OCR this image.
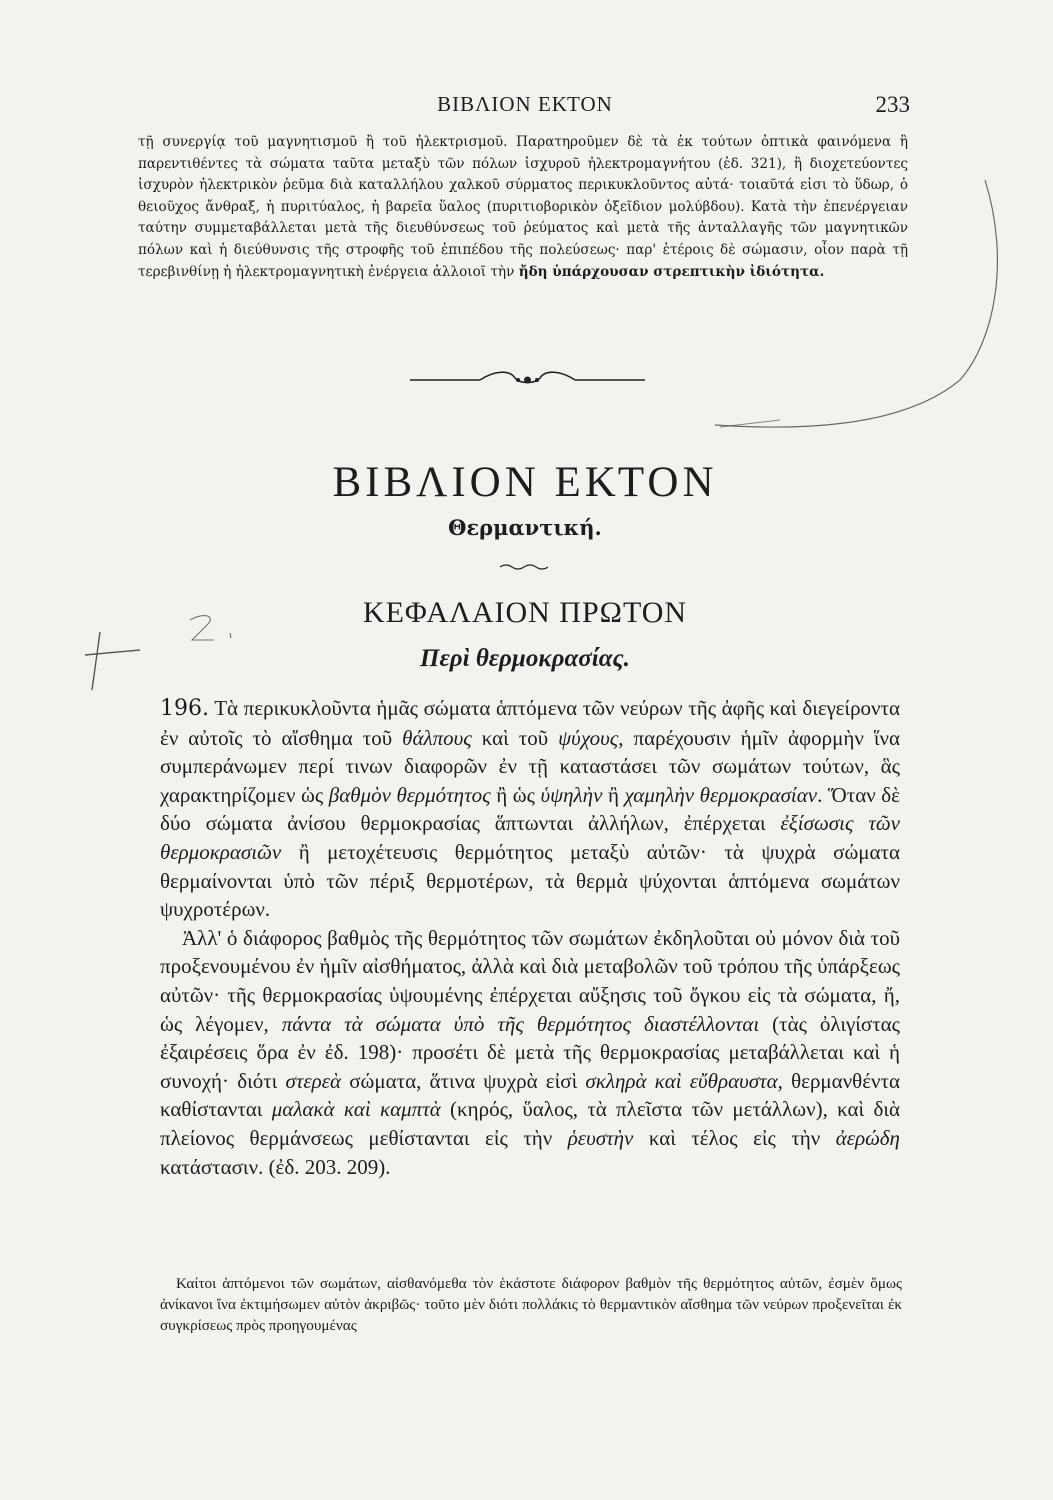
ΒΙΒΛΙΟΝ ΕΚΤΟΝ	233

τῇ συνεργίᾳ τοῦ μαγνητισμοῦ ἢ τοῦ ἠλεκτρισμοῦ. Παρατηροῦμεν δὲ τὰ ἐκ τούτων ὀπτικὰ φαινόμενα ἢ παρεντιθέντες τὰ σώματα ταῦτα μεταξὺ τῶν πόλων ἰσχυροῦ ἠλεκτρομαγνήτου (ἐδ. 321), ἢ διοχετεύοντες ἰσχυρὸν ἠλεκτρικὸν ῥεῦμα διὰ καταλλήλου χαλκοῦ σύρματος περικυκλοῦντος αὐτά· τοιαῦτά εἰσι τὸ ὕδωρ, ὁ θειοῦχος ἄνθραξ, ἡ πυριτύαλος, ἡ βαρεῖα ὕαλος (πυριτιοβορικὸν ὀξεῖδιον μολύβδου). Κατὰ τὴν ἐπενέργειαν ταύτην συμμεταβάλλεται μετὰ τῆς διευθύνσεως τοῦ ῥεύματος καὶ μετὰ τῆς ἀνταλλαγῆς τῶν μαγνητικῶν πόλων καὶ ἡ διεύθυνσις τῆς στροφῆς τοῦ ἐπιπέδου τῆς πολεύσεως· παρ' ἑτέροις δὲ σώμασιν, οἷον παρὰ τῇ τερεβινθίνῃ ἡ ἠλεκτρομαγνητικὴ ἐνέργεια ἀλλοιοῖ τὴν ἤδη ὑπάρχουσαν στρεπτικὴν ἰδιότητα.

ΒΙΒΛΙΟΝ ΕΚΤΟΝ
Θερμαντική.
ΚΕΦΑΛΑΙΟΝ ΠΡΩΤΟΝ
Περὶ θερμοκρασίας.

196. Τὰ περικυκλοῦντα ἡμᾶς σώματα ἁπτόμενα τῶν νεύρων τῆς ἀφῆς καὶ διεγείροντα ἐν αὐτοῖς τὸ αἴσθημα τοῦ θάλπους καὶ τοῦ ψύχους, παρέχουσιν ἡμῖν ἀφορμὴν ἵνα συμπεράνωμεν περί τινων διαφορῶν ἐν τῇ καταστάσει τῶν σωμάτων τούτων, ἃς χαρακτηρίζομεν ὡς βαθμὸν θερμότητος ἢ ὡς ὑψηλὴν ἢ χαμηλὴν θερμοκρασίαν. Ὅταν δὲ δύο σώματα ἀνίσου θερμοκρασίας ἅπτωνται ἀλλήλων, ἐπέρχεται ἐξίσωσις τῶν θερμοκρασιῶν ἢ μετοχέτευσις θερμότητος μεταξὺ αὐτῶν· τὰ ψυχρὰ σώματα θερμαίνονται ὑπὸ τῶν πέριξ θερμοτέρων, τὰ θερμὰ ψύχονται ἁπτόμενα σωμάτων ψυχροτέρων.

Ἀλλ' ὁ διάφορος βαθμὸς τῆς θερμότητος τῶν σωμάτων ἐκδηλοῦται οὐ μόνον διὰ τοῦ προξενουμένου ἐν ἡμῖν αἰσθήματος, ἀλλὰ καὶ διὰ μεταβολῶν τοῦ τρόπου τῆς ὑπάρξεως αὐτῶν· τῆς θερμοκρασίας ὑψουμένης ἐπέρχεται αὔξησις τοῦ ὄγκου εἰς τὰ σώματα, ἤ, ὡς λέγομεν, πάντα τὰ σώματα ὑπὸ τῆς θερμότητος διαστέλλονται (τὰς ὀλιγίστας ἐξαιρέσεις ὅρα ἐν ἐδ. 198)· προσέτι δὲ μετὰ τῆς θερμοκρασίας μεταβάλλεται καὶ ἡ συνοχή· διότι στερεὰ σώματα, ἅτινα ψυχρὰ εἰσὶ σκληρὰ καὶ εὔθραυστα, θερμανθέντα καθίστανται μαλακὰ καὶ καμπτὰ (κηρός, ὕαλος, τὰ πλεῖστα τῶν μετάλλων), καὶ διὰ πλείονος θερμάνσεως μεθίστανται εἰς τὴν ῥευστὴν καὶ τέλος εἰς τὴν ἀερώδη κατάστασιν. (ἐδ. 203. 209).

Καίτοι ἁπτόμενοι τῶν σωμάτων, αἰσθανόμεθα τὸν ἑκάστοτε διάφορον βαθμὸν τῆς θερμότητος αὐτῶν, ἐσμὲν ὅμως ἀνίκανοι ἵνα ἐκτιμήσωμεν αὐτὸν ἀκριβῶς· τοῦτο μὲν διότι πολλάκις τὸ θερμαντικὸν αἴσθημα τῶν νεύρων προξενεῖται ἐκ συγκρίσεως πρὸς προηγουμένας
